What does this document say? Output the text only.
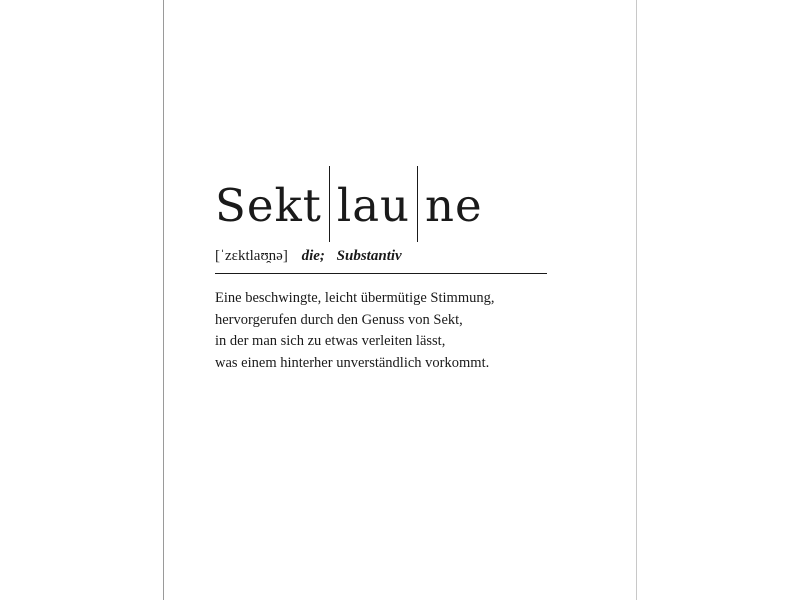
Sekt lau ne
[ˈzɛktlaʊ̯nə] die; Substantiv
Eine beschwingte, leicht übermütige Stimmung,
hervorgerufen durch den Genuss von Sekt,
in der man sich zu etwas verleiten lässt,
was einem hinterher unverständlich vorkommt.
